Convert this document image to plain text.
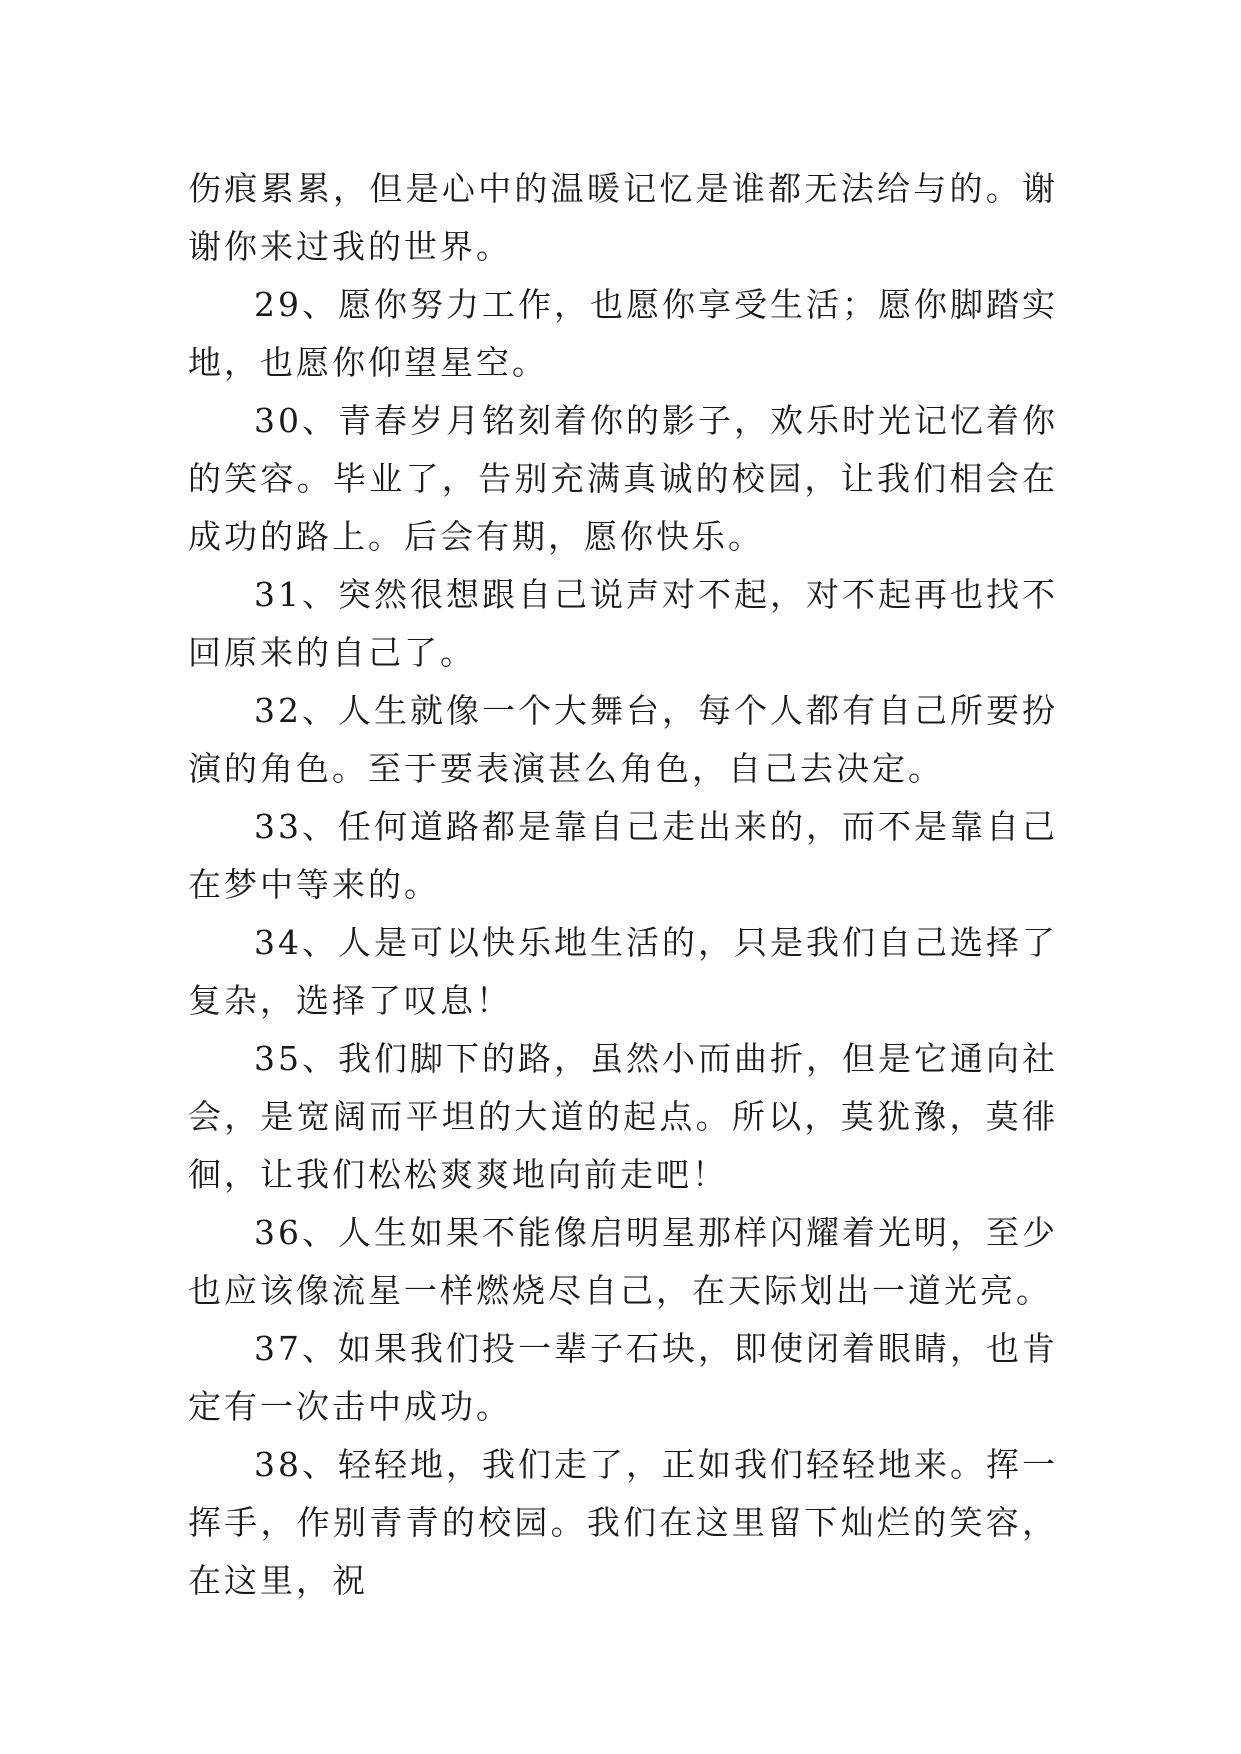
伤痕累累，但是心中的温暖记忆是谁都无法给与的。谢谢你来过我的世界。

29、愿你努力工作，也愿你享受生活；愿你脚踏实地，也愿你仰望星空。

30、青春岁月铭刻着你的影子，欢乐时光记忆着你的笑容。毕业了，告别充满真诚的校园，让我们相会在成功的路上。后会有期，愿你快乐。

31、突然很想跟自己说声对不起，对不起再也找不回原来的自己了。

32、人生就像一个大舞台，每个人都有自己所要扮演的角色。至于要表演甚么角色，自己去决定。

33、任何道路都是靠自己走出来的，而不是靠自己在梦中等来的。

34、人是可以快乐地生活的，只是我们自己选择了复杂，选择了叹息！

35、我们脚下的路，虽然小而曲折，但是它通向社会，是宽阔而平坦的大道的起点。所以，莫犹豫，莫徘徊，让我们松松爽爽地向前走吧！

36、人生如果不能像启明星那样闪耀着光明，至少也应该像流星一样燃烧尽自己，在天际划出一道光亮。

37、如果我们投一辈子石块，即使闭着眼睛，也肯定有一次击中成功。

38、轻轻地，我们走了，正如我们轻轻地来。挥一挥手，作别青青的校园。我们在这里留下灿烂的笑容，在这里，祝
